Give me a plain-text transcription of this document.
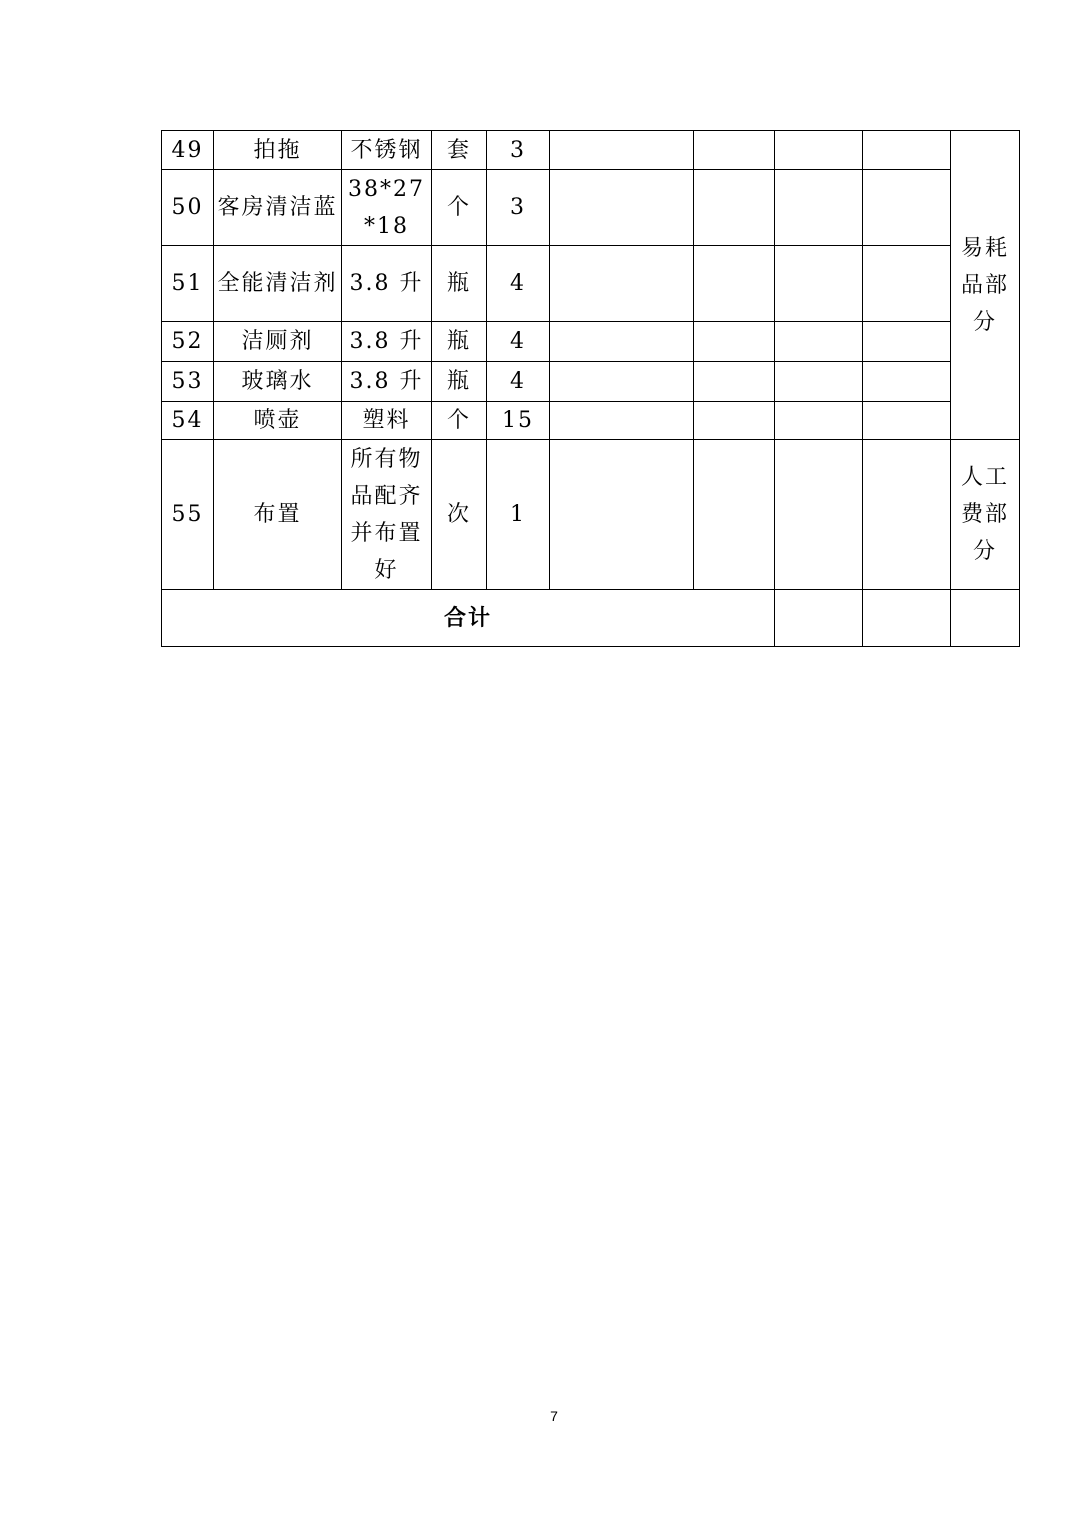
49	拍拖	不锈钢	套	3					易耗品部分
50	客房清洁蓝	38*27*18	个	3					
51	全能清洁剂	3.8 升	瓶	4					
52	洁厕剂	3.8 升	瓶	4					
53	玻璃水	3.8 升	瓶	4					
54	喷壶	塑料	个	15					
55	布置	所有物品配齐并布置好	次	1					人工费部分
合计									
7
